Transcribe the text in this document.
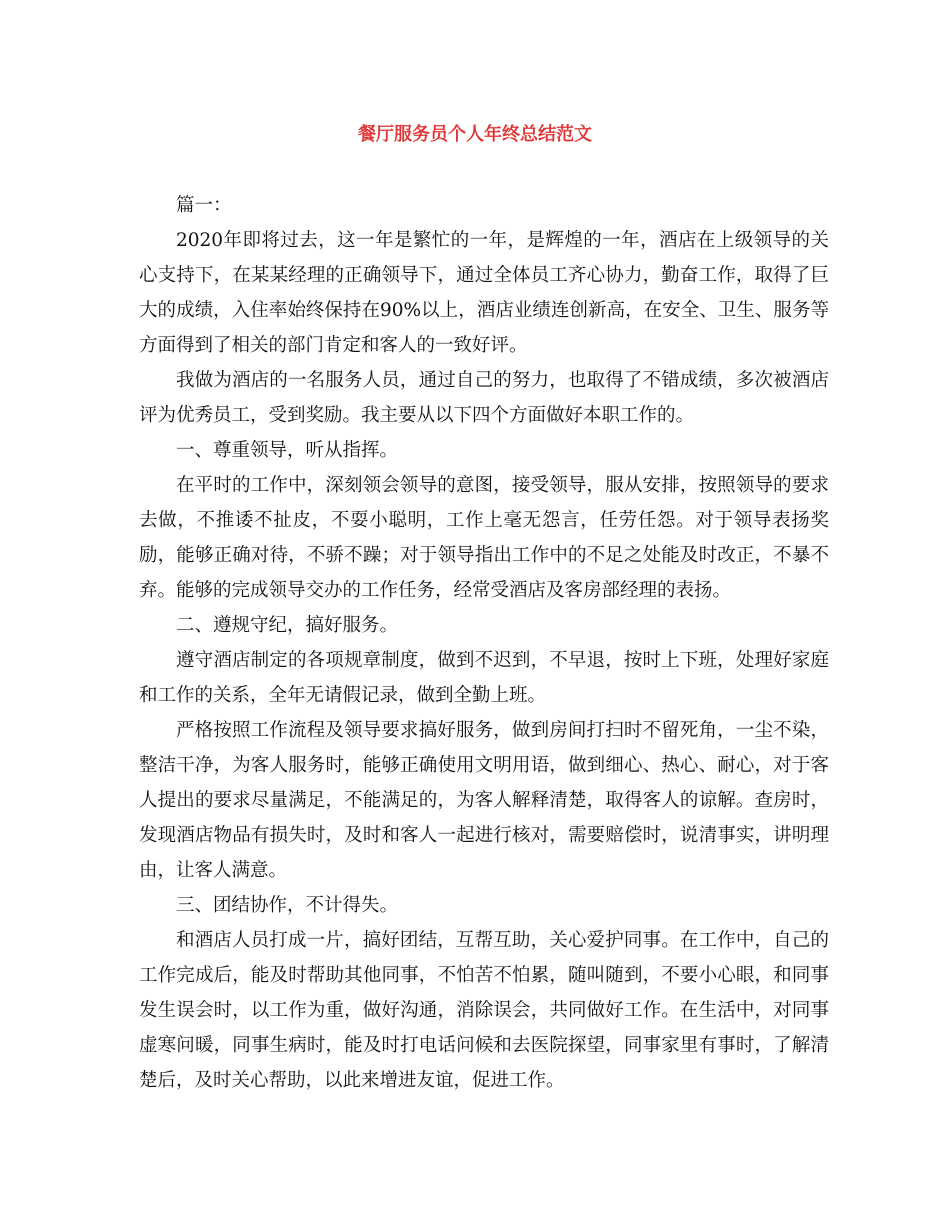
餐厅服务员个人年终总结范文

篇一：

2020年即将过去，这一年是繁忙的一年，是辉煌的一年，酒店在上级领导的关心支持下，在某某经理的正确领导下，通过全体员工齐心协力，勤奋工作，取得了巨大的成绩，入住率始终保持在90%以上，酒店业绩连创新高，在安全、卫生、服务等方面得到了相关的部门肯定和客人的一致好评。

我做为酒店的一名服务人员，通过自己的努力，也取得了不错成绩，多次被酒店评为优秀员工，受到奖励。我主要从以下四个方面做好本职工作的。

一、尊重领导，听从指挥。

在平时的工作中，深刻领会领导的意图，接受领导，服从安排，按照领导的要求去做，不推诿不扯皮，不耍小聪明，工作上毫无怨言，任劳任怨。对于领导表扬奖励，能够正确对待，不骄不躁；对于领导指出工作中的不足之处能及时改正，不暴不弃。能够的完成领导交办的工作任务，经常受酒店及客房部经理的表扬。

二、遵规守纪，搞好服务。

遵守酒店制定的各项规章制度，做到不迟到，不早退，按时上下班，处理好家庭和工作的关系，全年无请假记录，做到全勤上班。

严格按照工作流程及领导要求搞好服务，做到房间打扫时不留死角，一尘不染，整洁干净，为客人服务时，能够正确使用文明用语，做到细心、热心、耐心，对于客人提出的要求尽量满足，不能满足的，为客人解释清楚，取得客人的谅解。查房时，发现酒店物品有损失时，及时和客人一起进行核对，需要赔偿时，说清事实，讲明理由，让客人满意。

三、团结协作，不计得失。

和酒店人员打成一片，搞好团结，互帮互助，关心爱护同事。在工作中，自己的工作完成后，能及时帮助其他同事，不怕苦不怕累，随叫随到，不要小心眼，和同事发生误会时，以工作为重，做好沟通，消除误会，共同做好工作。在生活中，对同事虚寒问暖，同事生病时，能及时打电话问候和去医院探望，同事家里有事时，了解清楚后，及时关心帮助，以此来增进友谊，促进工作。
